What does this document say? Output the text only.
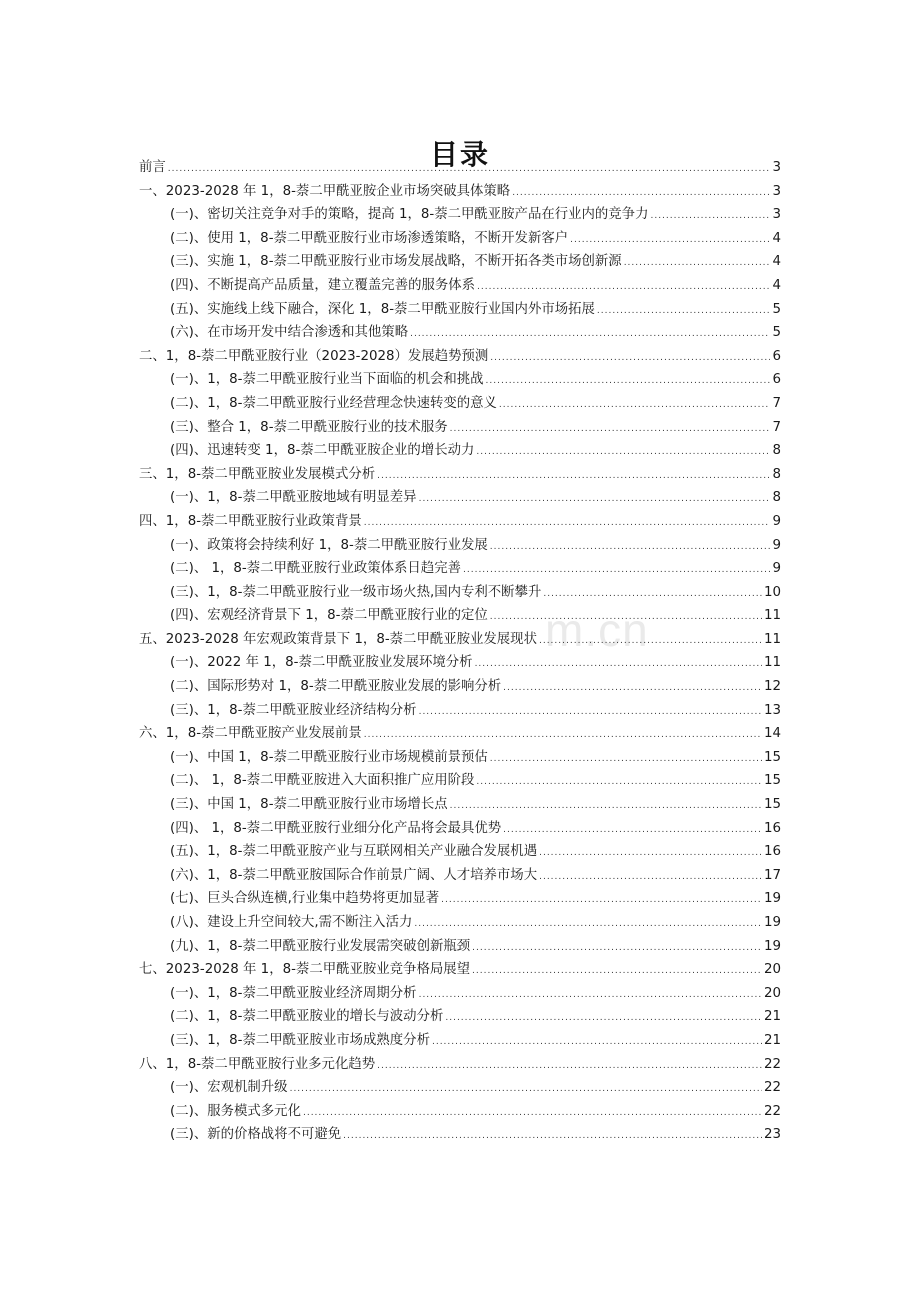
m.cn
目录
前言 .....	3
一、2023-2028 年 1，8-萘二甲酰亚胺企业市场突破具体策略 .....	3
(一)、密切关注竞争对手的策略，提高 1，8-萘二甲酰亚胺产品在行业内的竞争力 .....	3
(二)、使用 1，8-萘二甲酰亚胺行业市场渗透策略，不断开发新客户 .....	4
(三)、实施 1，8-萘二甲酰亚胺行业市场发展战略，不断开拓各类市场创新源 .....	4
(四)、不断提高产品质量，建立覆盖完善的服务体系 .....	4
(五)、实施线上线下融合，深化 1，8-萘二甲酰亚胺行业国内外市场拓展 .....	5
(六)、在市场开发中结合渗透和其他策略 .....	5
二、1，8-萘二甲酰亚胺行业（2023-2028）发展趋势预测 .....	6
(一)、1，8-萘二甲酰亚胺行业当下面临的机会和挑战 .....	6
(二)、1，8-萘二甲酰亚胺行业经营理念快速转变的意义 .....	7
(三)、整合 1，8-萘二甲酰亚胺行业的技术服务 .....	7
(四)、迅速转变 1，8-萘二甲酰亚胺企业的增长动力 .....	8
三、1，8-萘二甲酰亚胺业发展模式分析 .....	8
(一)、1，8-萘二甲酰亚胺地域有明显差异 .....	8
四、1，8-萘二甲酰亚胺行业政策背景 .....	9
(一)、政策将会持续利好 1，8-萘二甲酰亚胺行业发展 .....	9
(二)、 1，8-萘二甲酰亚胺行业政策体系日趋完善 .....	9
(三)、1，8-萘二甲酰亚胺行业一级市场火热,国内专利不断攀升 .....	10
(四)、宏观经济背景下 1，8-萘二甲酰亚胺行业的定位 .....	11
五、2023-2028 年宏观政策背景下 1，8-萘二甲酰亚胺业发展现状 .....	11
(一)、2022 年 1，8-萘二甲酰亚胺业发展环境分析 .....	11
(二)、国际形势对 1，8-萘二甲酰亚胺业发展的影响分析 .....	12
(三)、1，8-萘二甲酰亚胺业经济结构分析 .....	13
六、1，8-萘二甲酰亚胺产业发展前景 .....	14
(一)、中国 1，8-萘二甲酰亚胺行业市场规模前景预估 .....	15
(二)、 1，8-萘二甲酰亚胺进入大面积推广应用阶段 .....	15
(三)、中国 1，8-萘二甲酰亚胺行业市场增长点 .....	15
(四)、 1，8-萘二甲酰亚胺行业细分化产品将会最具优势 .....	16
(五)、1，8-萘二甲酰亚胺产业与互联网相关产业融合发展机遇 .....	16
(六)、1，8-萘二甲酰亚胺国际合作前景广阔、人才培养市场大 .....	17
(七)、巨头合纵连横,行业集中趋势将更加显著 .....	19
(八)、建设上升空间较大,需不断注入活力 .....	19
(九)、1，8-萘二甲酰亚胺行业发展需突破创新瓶颈 .....	19
七、2023-2028 年 1，8-萘二甲酰亚胺业竞争格局展望 .....	20
(一)、1，8-萘二甲酰亚胺业经济周期分析 .....	20
(二)、1，8-萘二甲酰亚胺业的增长与波动分析 .....	21
(三)、1，8-萘二甲酰亚胺业市场成熟度分析 .....	21
八、1，8-萘二甲酰亚胺行业多元化趋势 .....	22
(一)、宏观机制升级 .....	22
(二)、服务模式多元化 .....	22
(三)、新的价格战将不可避免 .....	23
